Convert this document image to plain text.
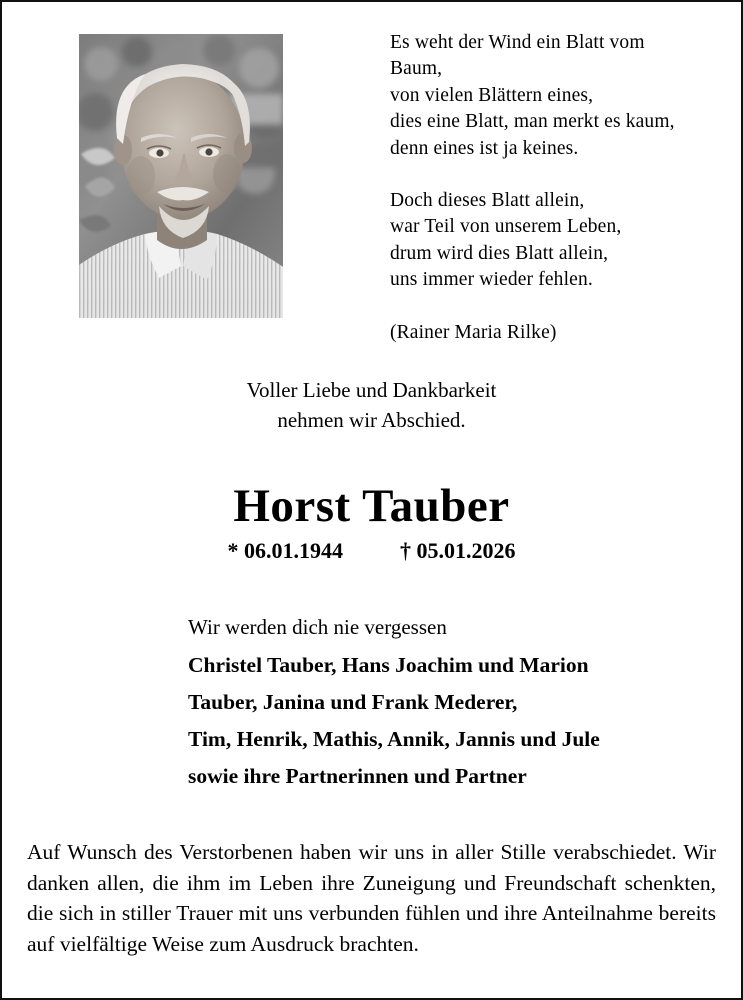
Es weht der Wind ein Blatt vom

Baum,

von vielen Blättern eines,

dies eine Blatt, man merkt es kaum,

denn eines ist ja keines.

Doch dieses Blatt allein,

war Teil von unserem Leben,

drum wird dies Blatt allein,

uns immer wieder fehlen.

(Rainer Maria Rilke)

Voller Liebe und Dankbarkeit
nehmen wir Abschied.
Horst Tauber
* 06.01.1944	† 05.01.2026
Wir werden dich nie vergessen
Christel Tauber, Hans Joachim und Marion
Tauber, Janina und Frank Mederer,
Tim, Henrik, Mathis, Annik, Jannis und Jule
sowie ihre Partnerinnen und Partner

Auf Wunsch des Verstorbenen haben wir uns in aller Stille verabschiedet. Wir danken allen, die ihm im Leben ihre Zuneigung und Freundschaft schenkten, die sich in stiller Trauer mit uns verbunden fühlen und ihre Anteilnahme bereits auf vielfältige Weise zum Ausdruck brachten.
